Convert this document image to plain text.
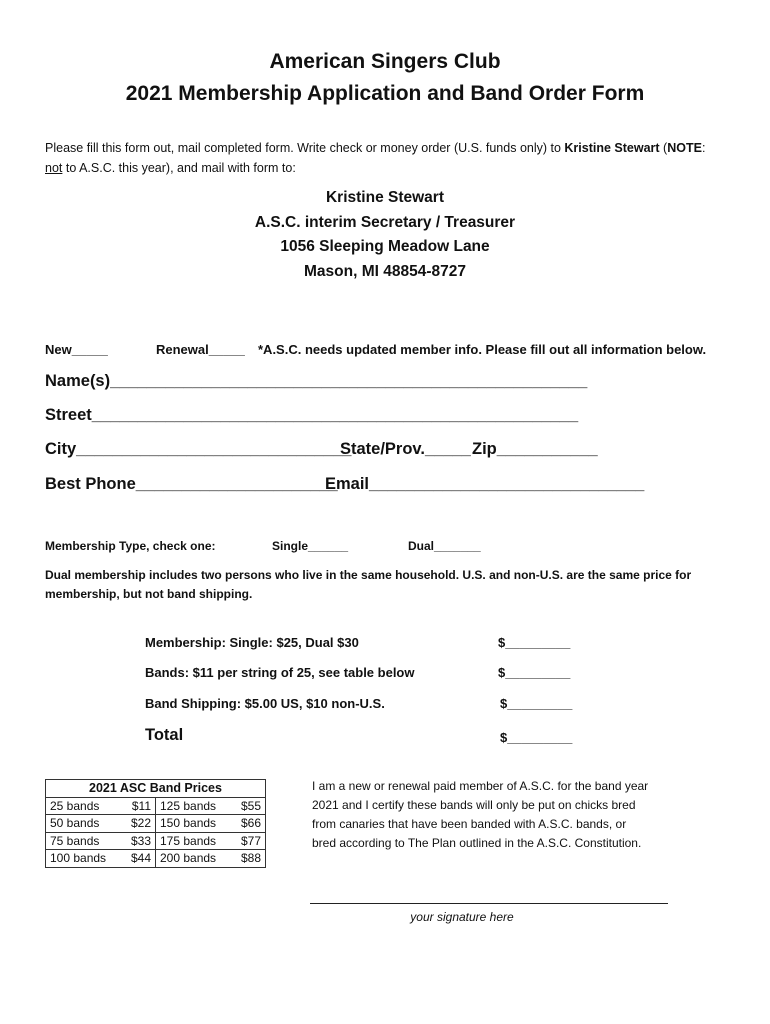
American Singers Club
2021 Membership Application and Band Order Form
Please fill this form out, mail completed form. Write check or money order (U.S. funds only) to Kristine Stewart (NOTE:
not to A.S.C. this year), and mail with form to:
Kristine Stewart
A.S.C. interim Secretary / Treasurer
1056 Sleeping Meadow Lane
Mason, MI 48854-8727
New_____	Renewal_____ *A.S.C. needs updated member info. Please fill out all information below.
Name(s)____________________________________________________
Street_____________________________________________________
City______________________________
State/Prov._____ Zip___________
Best Phone______________________
Email______________________________
Membership Type, check one:	Single______	Dual_______
Dual membership includes two persons who live in the same household. U.S. and non-U.S. are the same price for membership, but not band shipping.
Membership: Single: $25, Dual $30	$_________
Bands: $11 per string of 25, see table below	$_________
Band Shipping: $5.00 US, $10 non-U.S.	$_________
Total	$_________
2021 ASC Band Prices	
25 bands $11	125 bands $55

50 bands $22	150 bands $66

75 bands $33	175 bands $77

100 bands $44	200 bands $88
I am a new or renewal paid member of A.S.C. for the band year 2021 and I certify these bands will only be put on chicks bred from canaries that have been banded with A.S.C. bands, or bred according to The Plan outlined in the A.S.C. Constitution.
your signature here
